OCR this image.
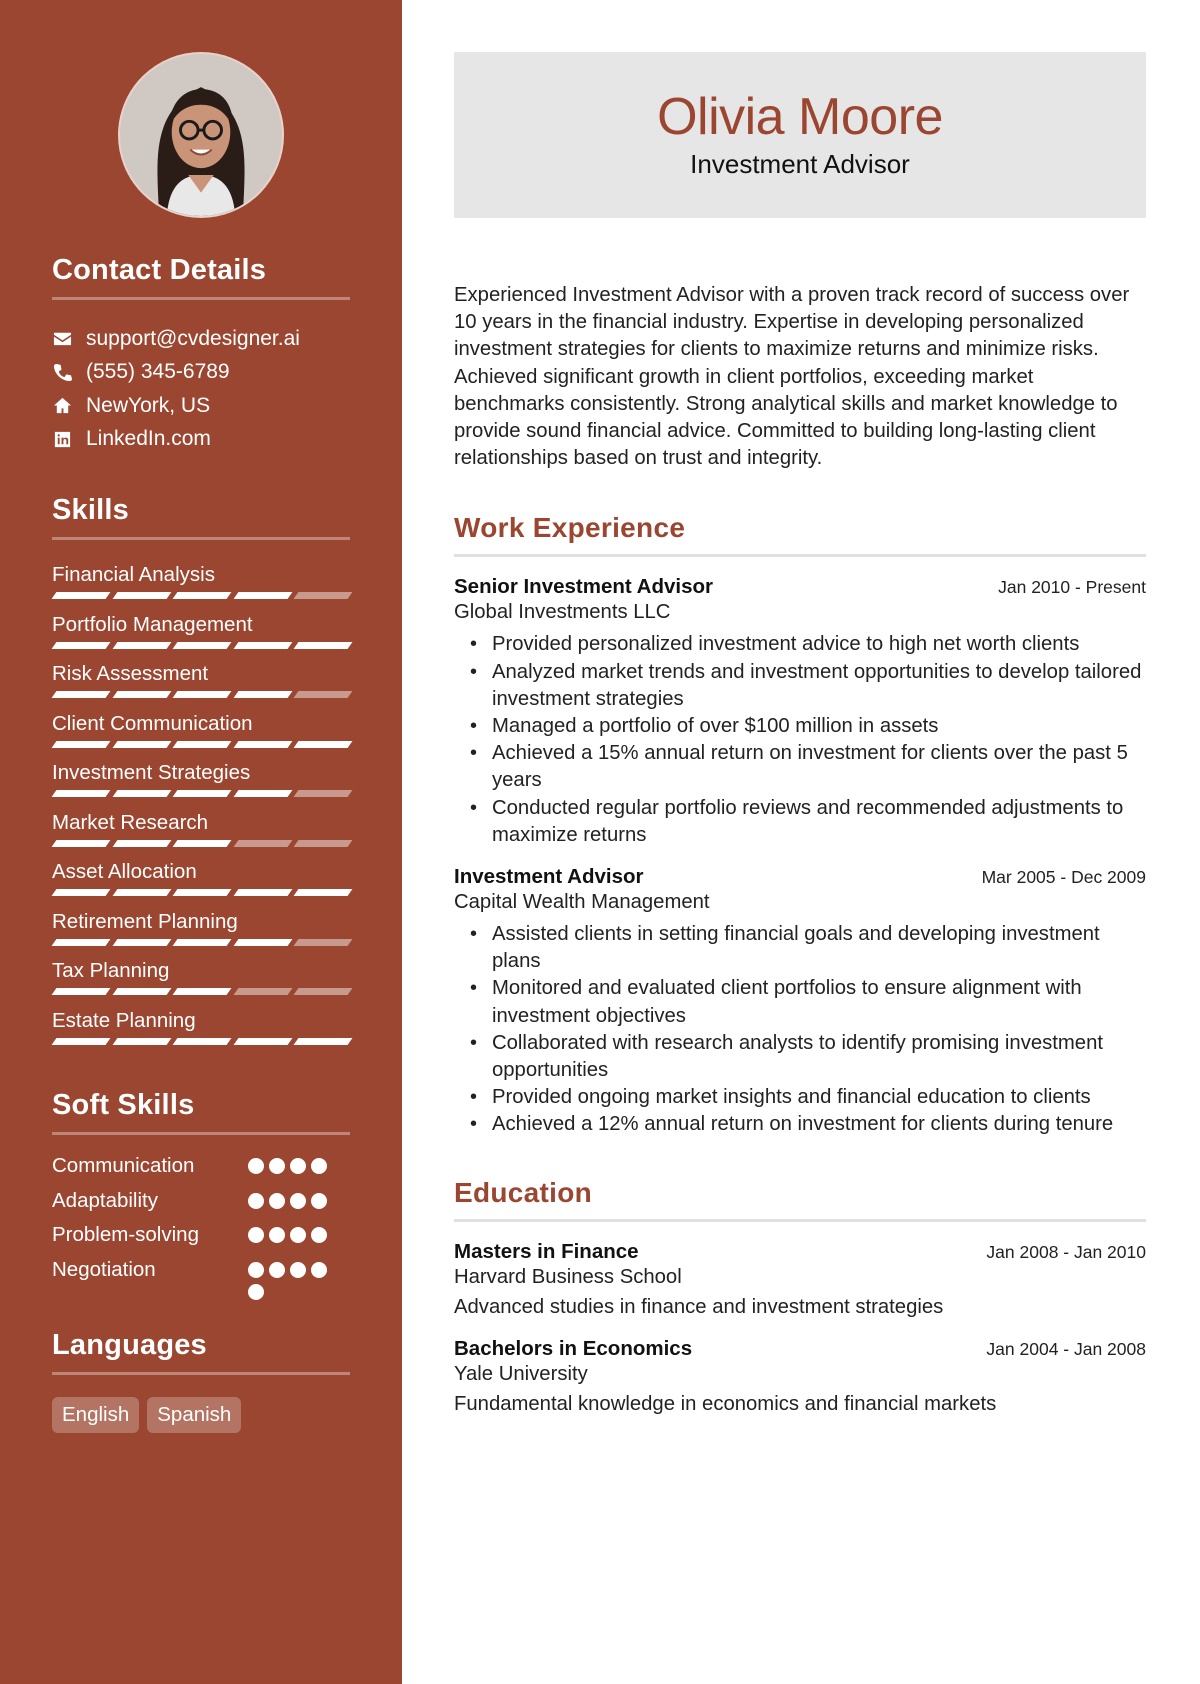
Contact Details
support@cvdesigner.ai
(555) 345-6789
NewYork, US
LinkedIn.com
Skills
Financial Analysis
Portfolio Management
Risk Assessment
Client Communication
Investment Strategies
Market Research
Asset Allocation
Retirement Planning
Tax Planning
Estate Planning
Soft Skills
Communication
Adaptability
Problem-solving
Negotiation
Languages
English	Spanish
Olivia Moore
Investment Advisor

Experienced Investment Advisor with a proven track record of success over 10 years in the financial industry. Expertise in developing personalized investment strategies for clients to maximize returns and minimize risks. Achieved significant growth in client portfolios, exceeding market benchmarks consistently. Strong analytical skills and market knowledge to provide sound financial advice. Committed to building long-lasting client relationships based on trust and integrity.

Work Experience
Senior Investment Advisor	Jan 2010 - Present
Global Investments LLC
• Provided personalized investment advice to high net worth clients
• Analyzed market trends and investment opportunities to develop tailored investment strategies
• Managed a portfolio of over $100 million in assets
• Achieved a 15% annual return on investment for clients over the past 5 years
• Conducted regular portfolio reviews and recommended adjustments to maximize returns
Investment Advisor	Mar 2005 - Dec 2009
Capital Wealth Management
• Assisted clients in setting financial goals and developing investment plans
• Monitored and evaluated client portfolios to ensure alignment with investment objectives
• Collaborated with research analysts to identify promising investment opportunities
• Provided ongoing market insights and financial education to clients
• Achieved a 12% annual return on investment for clients during tenure
Education
Masters in Finance	Jan 2008 - Jan 2010
Harvard Business School
Advanced studies in finance and investment strategies
Bachelors in Economics	Jan 2004 - Jan 2008
Yale University
Fundamental knowledge in economics and financial markets
